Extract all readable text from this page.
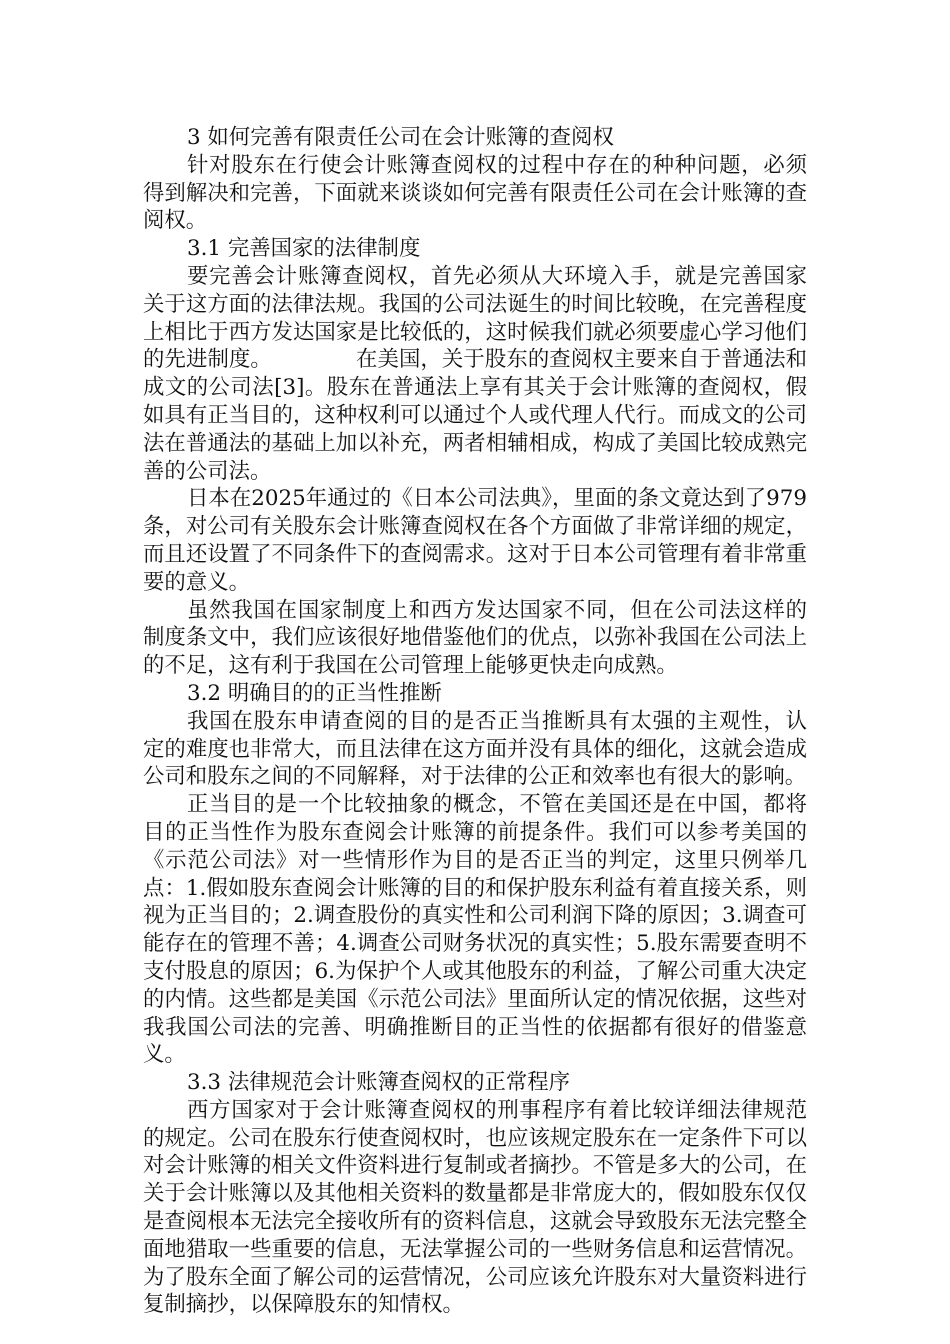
3 如何完善有限责任公司在会计账簿的查阅权

针对股东在行使会计账簿查阅权的过程中存在的种种问题，必须得到解决和完善，下面就来谈谈如何完善有限责任公司在会计账簿的查阅权。

3.1 完善国家的法律制度

要完善会计账簿查阅权，首先必须从大环境入手，就是完善国家关于这方面的法律法规。我国的公司法诞生的时间比较晚，在完善程度上相比于西方发达国家是比较低的，这时候我们就必须要虚心学习他们的先进制度。	在美国，关于股东的查阅权主要来自于普通法和成文的公司法[3]。股东在普通法上享有其关于会计账簿的查阅权，假如具有正当目的，这种权利可以通过个人或代理人代行。而成文的公司法在普通法的基础上加以补充，两者相辅相成，构成了美国比较成熟完善的公司法。

日本在2025年通过的《日本公司法典》，里面的条文竟达到了979条，对公司有关股东会计账簿查阅权在各个方面做了非常详细的规定，而且还设置了不同条件下的查阅需求。这对于日本公司管理有着非常重要的意义。

虽然我国在国家制度上和西方发达国家不同，但在公司法这样的制度条文中，我们应该很好地借鉴他们的优点，以弥补我国在公司法上的不足，这有利于我国在公司管理上能够更快走向成熟。

3.2 明确目的的正当性推断

我国在股东申请查阅的目的是否正当推断具有太强的主观性，认定的难度也非常大，而且法律在这方面并没有具体的细化，这就会造成公司和股东之间的不同解释，对于法律的公正和效率也有很大的影响。

正当目的是一个比较抽象的概念，不管在美国还是在中国，都将目的正当性作为股东查阅会计账簿的前提条件。我们可以参考美国的《示范公司法》对一些情形作为目的是否正当的判定，这里只例举几点：1.假如股东查阅会计账簿的目的和保护股东利益有着直接关系，则视为正当目的；2.调查股份的真实性和公司利润下降的原因；3.调查可能存在的管理不善；4.调查公司财务状况的真实性；5.股东需要查明不支付股息的原因；6.为保护个人或其他股东的利益，了解公司重大决定的内情。这些都是美国《示范公司法》里面所认定的情况依据，这些对我我国公司法的完善、明确推断目的正当性的依据都有很好的借鉴意义。

3.3 法律规范会计账簿查阅权的正常程序

西方国家对于会计账簿查阅权的刑事程序有着比较详细法律规范的规定。公司在股东行使查阅权时，也应该规定股东在一定条件下可以对会计账簿的相关文件资料进行复制或者摘抄。不管是多大的公司，在关于会计账簿以及其他相关资料的数量都是非常庞大的，假如股东仅仅是查阅根本无法完全接收所有的资料信息，这就会导致股东无法完整全面地猎取一些重要的信息，无法掌握公司的一些财务信息和运营情况。为了股东全面了解公司的运营情况，公司应该允许股东对大量资料进行复制摘抄，以保障股东的知情权。
